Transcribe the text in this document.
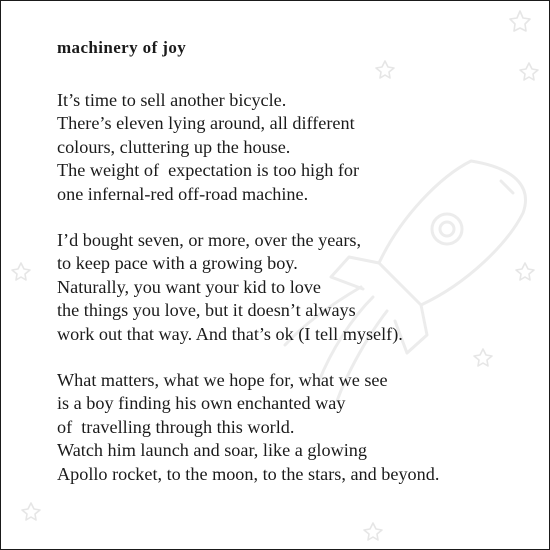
machinery of joy
It’s time to sell another bicycle.
There’s eleven lying around, all different
colours, cluttering up the house.
The weight of  expectation is too high for
one infernal-red off-road machine.
I’d bought seven, or more, over the years,
to keep pace with a growing boy.
Naturally, you want your kid to love
the things you love, but it doesn’t always
work out that way. And that’s ok (I tell myself).
What matters, what we hope for, what we see
is a boy finding his own enchanted way
of  travelling through this world.
Watch him launch and soar, like a glowing
Apollo rocket, to the moon, to the stars, and beyond.
